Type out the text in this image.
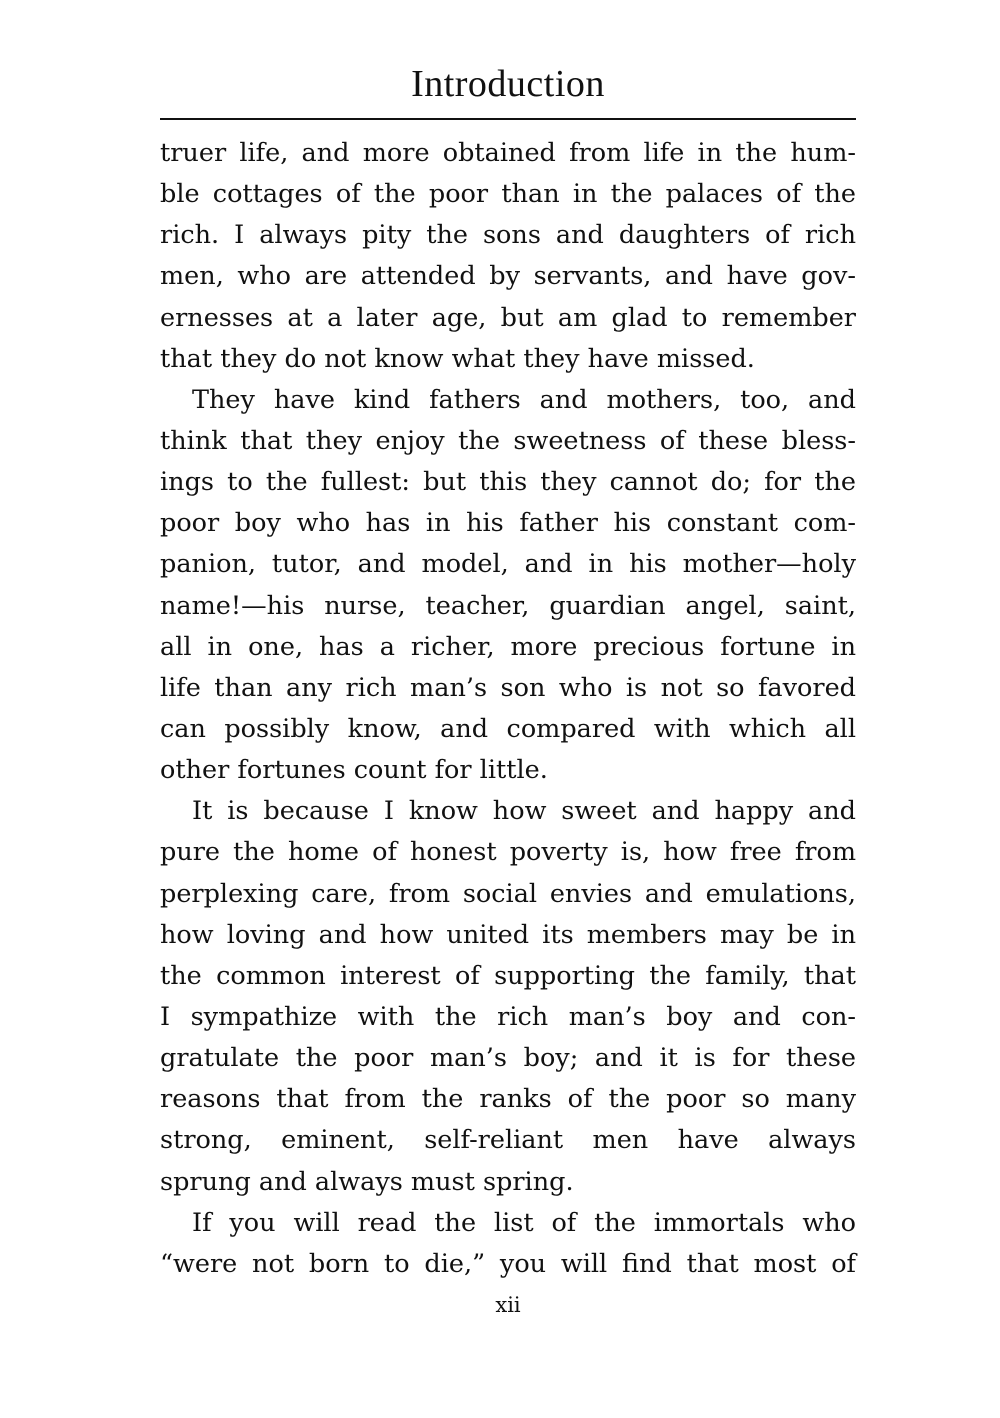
Introduction
truer life, and more obtained from life in the hum-
ble cottages of the poor than in the palaces of the
rich. I always pity the sons and daughters of rich
men, who are attended by servants, and have gov-
ernesses at a later age, but am glad to remember
that they do not know what they have missed.
They have kind fathers and mothers, too, and
think that they enjoy the sweetness of these bless-
ings to the fullest: but this they cannot do; for the
poor boy who has in his father his constant com-
panion, tutor, and model, and in his mother—holy
name!—his nurse, teacher, guardian angel, saint,
all in one, has a richer, more precious fortune in
life than any rich man’s son who is not so favored
can possibly know, and compared with which all
other fortunes count for little.
It is because I know how sweet and happy and
pure the home of honest poverty is, how free from
perplexing care, from social envies and emulations,
how loving and how united its members may be in
the common interest of supporting the family, that
I sympathize with the rich man’s boy and con-
gratulate the poor man’s boy; and it is for these
reasons that from the ranks of the poor so many
strong, eminent, self-reliant men have always
sprung and always must spring.
If you will read the list of the immortals who
“were not born to die,” you will find that most of
xii
